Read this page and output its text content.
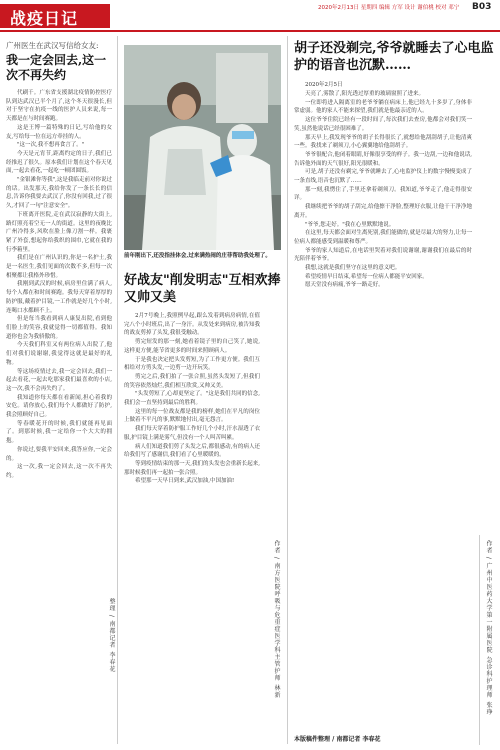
战疫日记
2020年2月13日 星期四 编辑 方军 设计 谢伯桃 校对 邓宁 B03
广州医生在武汉写信给女友:
我一定会回去,这一次不再失约

代刷千。广东省支援湖北疫情防控医疗队到达武汉已半个月了,这个冬天很漫长,但对于坚守在抗疫一线的医护人员来说,每一天都是在与时间赛跑。

这是王博一篇特殊的日记,写给他的女友,写给每一位在远方牵挂的人。

"这一次,我不想再食言了。"

今天是元宵节,距离约定的日子,我们已经推迟了很久。原本我们计划在这个春天见面,一起去看花,一起吃一顿团圆饭。

"金银滩你等我",这是我临走前对你说过的话。出发那天,我给你发了一条长长的信息,告诉你我要去武汉了,你没有回我,过了很久,才回了一句"注意安全"。

下班离开医院,走在武汉寂静的大街上,路灯照亮着空无一人的街道。这里的夜晚比广州冷得多,风吹在脸上像刀割一样。我裹紧了外套,想起你给我织的围巾,它就在我的行李箱里。

我们是在广州认识的,你是一名护士,我是一名医生,我们见面的次数不多,但每一次相聚都让我格外珍惜。

我刚到武汉的时候,病房里住满了病人,每个人都在和时间赛跑。我每天穿着厚厚的防护服,戴着护目镜,一工作就是好几个小时,连喝口水都顾不上。

但是每当我看到病人康复出院,看到他们脸上的笑容,我就觉得一切都值得。我知道你也会为我骄傲的。

今天我们科室又有两位病人出院了,他们对我们说谢谢,我觉得这就是最好的礼物。

等这场疫情过去,我一定会回去,我们一起去看花,一起去吃那家我们最喜欢的小店,这一次,我不会再失约了。

我知道你每天都在看新闻,担心着我的安危。请你放心,我们每个人都做好了防护,我会照顾好自己。

等春暖花开的时候,我们就能再见面了。到那时候,我一定给你一个大大的拥抱。

你说过,要我平安回来,我答应你,一定会的。

这一次,我一定会回去,这一次不再失约。

整理 / 南都记者 李春花
前年刚出下,还没指挂体会,过来满热闹的庄菲帮助我处理了。
好战友"削发明志"互相欢捧又帅又美

2月7号晚上,我照例早起,跟么发着到病房病情,在值完八个小时班后,出了一身汗。从发处来到病房,被告知我的战友剪掉了头发,我很受触动。

剪完短发的那一刻,她看着镜子里的自己笑了,她说,这样更方便,能节省更多的时间来照顾病人。

于是我也决定把头发剪短,为了工作更方便。我们互相给对方剪头发,一边剪一边开玩笑。

剪完之后,我们拍了一张合照,虽然头发短了,但我们的笑容依然灿烂,我们相互欣赏,又帅又美。

"头发剪短了,心却更坚定了。"这是我们共同的信念,我们会一直坚持到最后的胜利。

这里的每一位战友都是我的榜样,她们在平凡的岗位上做着不平凡的事,默默地付出,毫无怨言。

我们每天穿着防护服工作好几个小时,汗水湿透了衣服,护目镜上满是雾气,但没有一个人叫苦叫累。

病人们知道我们剪了头发之后,都很感动,有的病人还给我们写了感谢信,我们看了心里暖暖的。

等到疫情结束的那一天,我们的头发也会重新长起来,那时候我们再一起拍一张合照。

希望那一天早日到来,武汉加油,中国加油!

作者 / 南方医院呼吸与危重症医学科主管护师 林新
胡子还没剃完,爷爷就睡去了心电监护的语音也沉默……
2020年2月5日

天亮了,雾散了,阳光透过厚重的玻璃窗照了进来。

一位即将进入隔离室的老爷爷躺在病床上,他已经九十多岁了,身体非常虚弱。他的家人不能来探望,我们就是他最亲近的人。

这位爷爷住院已经有一段时间了,每次我们去查房,他都会对我们笑一笑,虽然他说话已经很困难了。

那天早上,我发现爷爷的胡子长得很长了,就想给他刮刮胡子,让他清爽一些。我找来了剃须刀,小心翼翼地给他刮胡子。

爷爷很配合,他闭着眼睛,好像很享受的样子。我一边刮,一边和他说话,告诉他外面的天气很好,阳光很暖和。

可是,胡子还没有剃完,爷爷就睡去了,心电监护仪上的数字慢慢变成了一条直线,语音也沉默了……

那一刻,我愣住了,手里还拿着剃须刀。我知道,爷爷走了,他走得很安详。

我继续把爷爷的胡子刮完,给他擦干净脸,整理好衣服,让他干干净净地离开。

"爷爷,您走好。"我在心里默默地说。

在这里,每天都会面对生离死别,我们能做的,就是尽最大的努力,让每一位病人都能感受到温暖和尊严。

爷爷的家人知道后,在电话里哭着对我们说谢谢,谢谢我们在最后的时光陪伴着爷爷。

我想,这就是我们坚守在这里的意义吧。

希望疫情早日结束,希望每一位病人都能平安回家。

愿天堂没有病痛,爷爷一路走好。

本版稿件整理 / 南都记者 李春花
作者 / 广州中医药大学第一附属医院 急诊科护理师 张琤
